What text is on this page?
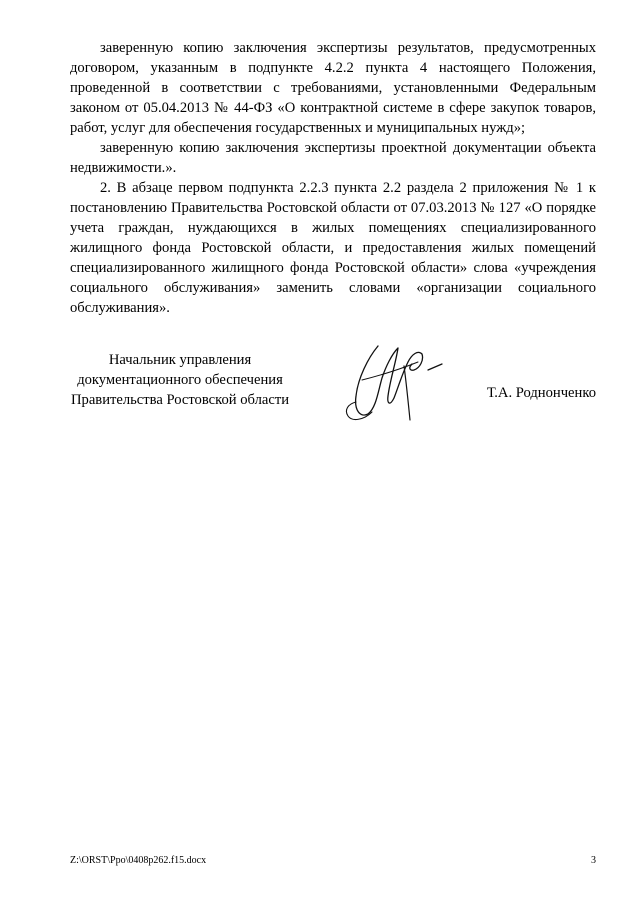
заверенную копию заключения экспертизы результатов, предусмотренных договором, указанным в подпункте 4.2.2 пункта 4 настоящего Положения, проведенной в соответствии с требованиями, установленными Федеральным законом от 05.04.2013 № 44-ФЗ «О контрактной системе в сфере закупок товаров, работ, услуг для обеспечения государственных и муниципальных нужд»;

заверенную копию заключения экспертизы проектной документации объекта недвижимости.».

2. В абзаце первом подпункта 2.2.3 пункта 2.2 раздела 2 приложения № 1 к постановлению Правительства Ростовской области от 07.03.2013 № 127 «О порядке учета граждан, нуждающихся в жилых помещениях специализированного жилищного фонда Ростовской области, и предоставления жилых помещений специализированного жилищного фонда Ростовской области» слова «учреждения социального обслуживания» заменить словами «организации социального обслуживания».

Начальник управления
документационного обеспечения
Правительства Ростовской области	Т.А. Роднонченко
Z:\ORST\Ppo\0408p262.f15.docx	3
